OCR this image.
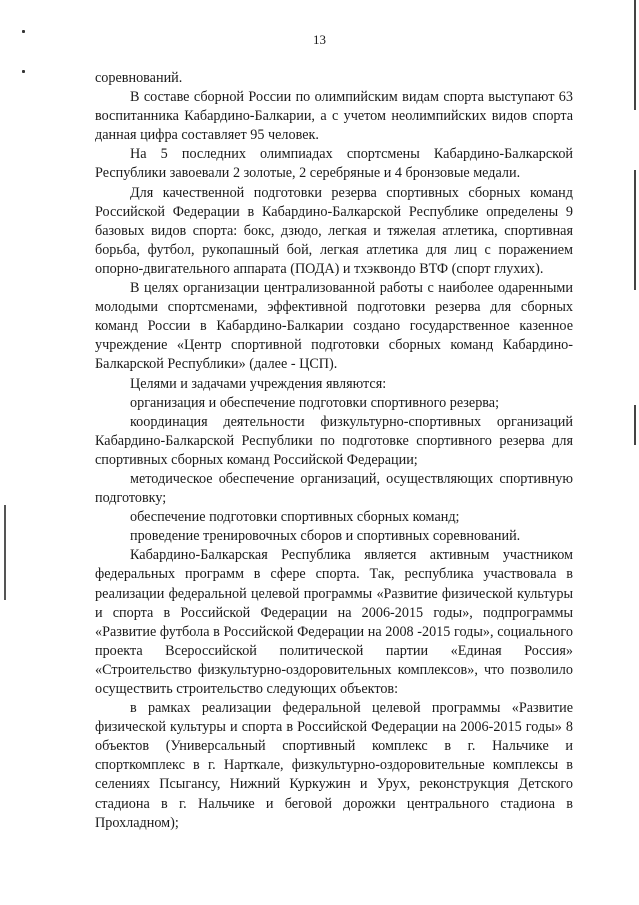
13

соревнований.

В составе сборной России по олимпийским видам спорта выступают 63 воспитанника Кабардино-Балкарии, а с учетом неолимпийских видов спорта данная цифра составляет 95 человек.

На 5 последних олимпиадах спортсмены Кабардино-Балкарской Республики завоевали 2 золотые, 2 серебряные и 4 бронзовые медали.

Для качественной подготовки резерва спортивных сборных команд Российской Федерации в Кабардино-Балкарской Республике определены 9 базовых видов спорта: бокс, дзюдо, легкая и тяжелая атлетика, спортивная борьба, футбол, рукопашный бой, легкая атлетика для лиц с поражением опорно-двигательного аппарата (ПОДА) и тхэквондо ВТФ (спорт глухих).

В целях организации централизованной работы с наиболее одаренными молодыми спортсменами, эффективной подготовки резерва для сборных команд России в Кабардино-Балкарии создано государственное казенное учреждение «Центр спортивной подготовки сборных команд Кабардино-Балкарской Республики» (далее - ЦСП).

Целями и задачами учреждения являются:

организация и обеспечение подготовки спортивного резерва;

координация деятельности физкультурно-спортивных организаций Кабардино-Балкарской Республики по подготовке спортивного резерва для спортивных сборных команд Российской Федерации;

методическое обеспечение организаций, осуществляющих спортивную подготовку;

обеспечение подготовки спортивных сборных команд;

проведение тренировочных сборов и спортивных соревнований.

Кабардино-Балкарская Республика является активным участником федеральных программ в сфере спорта. Так, республика участвовала в реализации федеральной целевой программы «Развитие физической культуры и спорта в Российской Федерации на 2006-2015 годы», подпрограммы «Развитие футбола в Российской Федерации на 2008 -2015 годы», социального проекта Всероссийской политической партии «Единая Россия» «Строительство физкультурно-оздоровительных комплексов», что позволило осуществить строительство следующих объектов:

в рамках реализации федеральной целевой программы «Развитие физической культуры и спорта в Российской Федерации на 2006-2015 годы» 8 объектов (Универсальный спортивный комплекс в г. Нальчике и спорткомплекс в г. Нарткале, физкультурно-оздоровительные комплексы в селениях Псыгансу, Нижний Куркужин и Урух, реконструкция Детского стадиона в г. Нальчике и беговой дорожки центрального стадиона в Прохладном);
